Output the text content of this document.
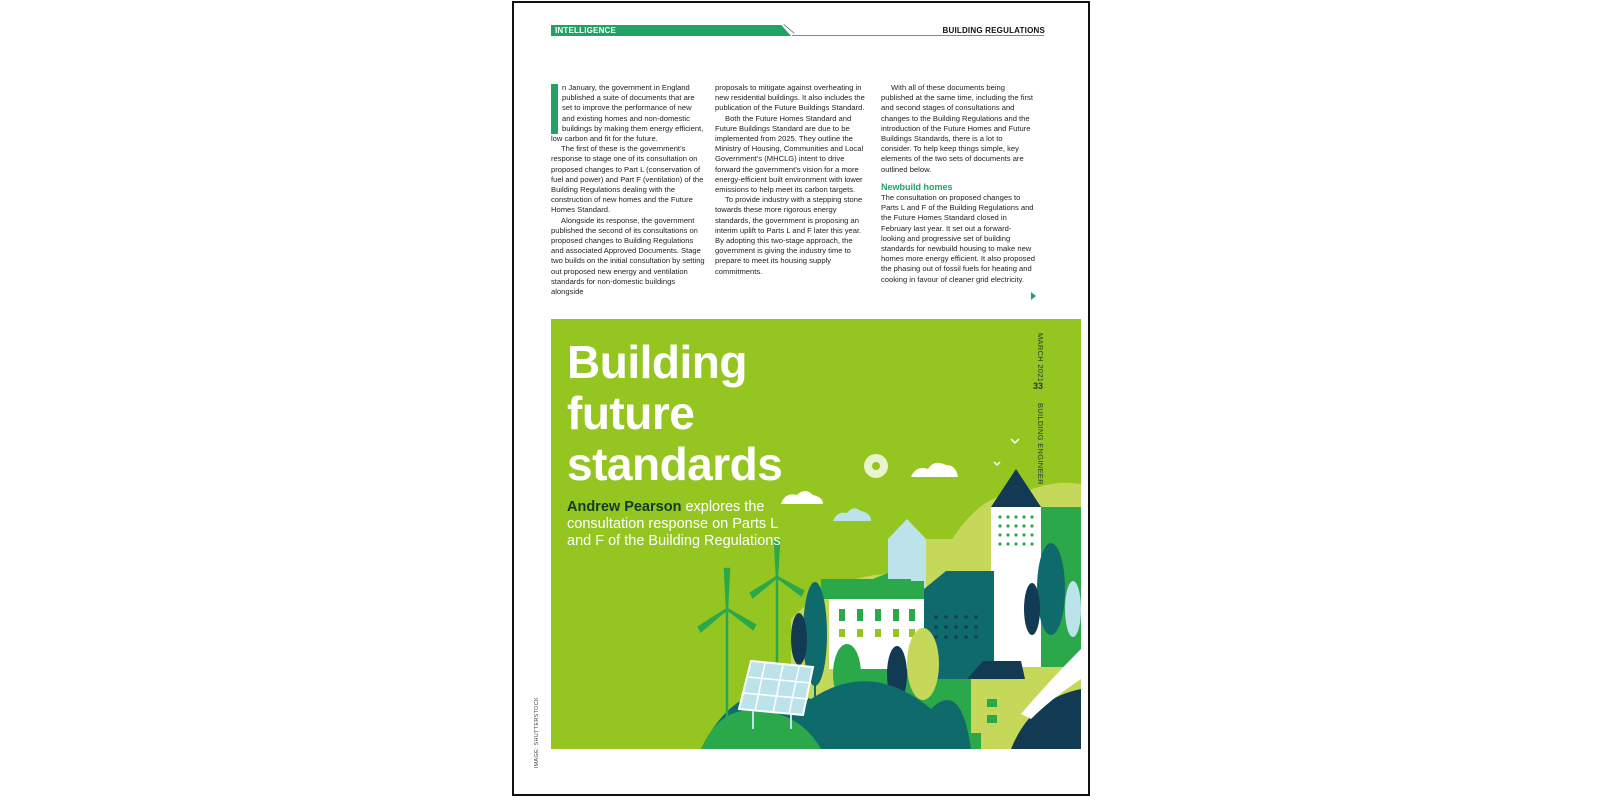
INTELLIGENCE	BUILDING REGULATIONS

n January, the government in England published a suite of documents that are set to improve the performance of new and existing homes and non-domestic buildings by making them energy efficient, low carbon and fit for the future.

The first of these is the government’s response to stage one of its consultation on proposed changes to Part L (conservation of fuel and power) and Part F (ventilation) of the Building Regulations dealing with the construction of new homes and the Future Homes Standard.

Alongside its response, the government published the second of its consultations on proposed changes to Building Regulations and associated Approved Documents. Stage two builds on the initial consultation by setting out proposed new energy and ventilation standards for non-domestic buildings alongside

proposals to mitigate against overheating in new residential buildings. It also includes the publication of the Future Buildings Standard.

Both the Future Homes Standard and Future Buildings Standard are due to be implemented from 2025. They outline the Ministry of Housing, Communities and Local Government’s (MHCLG) intent to drive forward the government’s vision for a more energy-efficient built environment with lower emissions to help meet its carbon targets.

To provide industry with a stepping stone towards these more rigorous energy standards, the government is proposing an interim uplift to Parts L and F later this year. By adopting this two-stage approach, the government is giving the industry time to prepare to meet its housing supply commitments.

With all of these documents being published at the same time, including the first and second stages of consultations and changes to the Building Regulations and the introduction of the Future Homes and Future Buildings Standards, there is a lot to consider. To help keep things simple, key elements of the two sets of documents are outlined below.

Newbuild homes

The consultation on proposed changes to Parts L and F of the Building Regulations and the Future Homes Standard closed in February last year. It set out a forward-looking and progressive set of building standards for newbuild housing to make new homes more energy efficient. It also proposed the phasing out of fossil fuels for heating and cooking in favour of cleaner grid electricity.

Building
future
standards
Andrew Pearson explores the consultation response on Parts L and F of the Building Regulations
MARCH 2021
33
BUILDING ENGINEER
IMAGE: SHUTTERSTOCK
